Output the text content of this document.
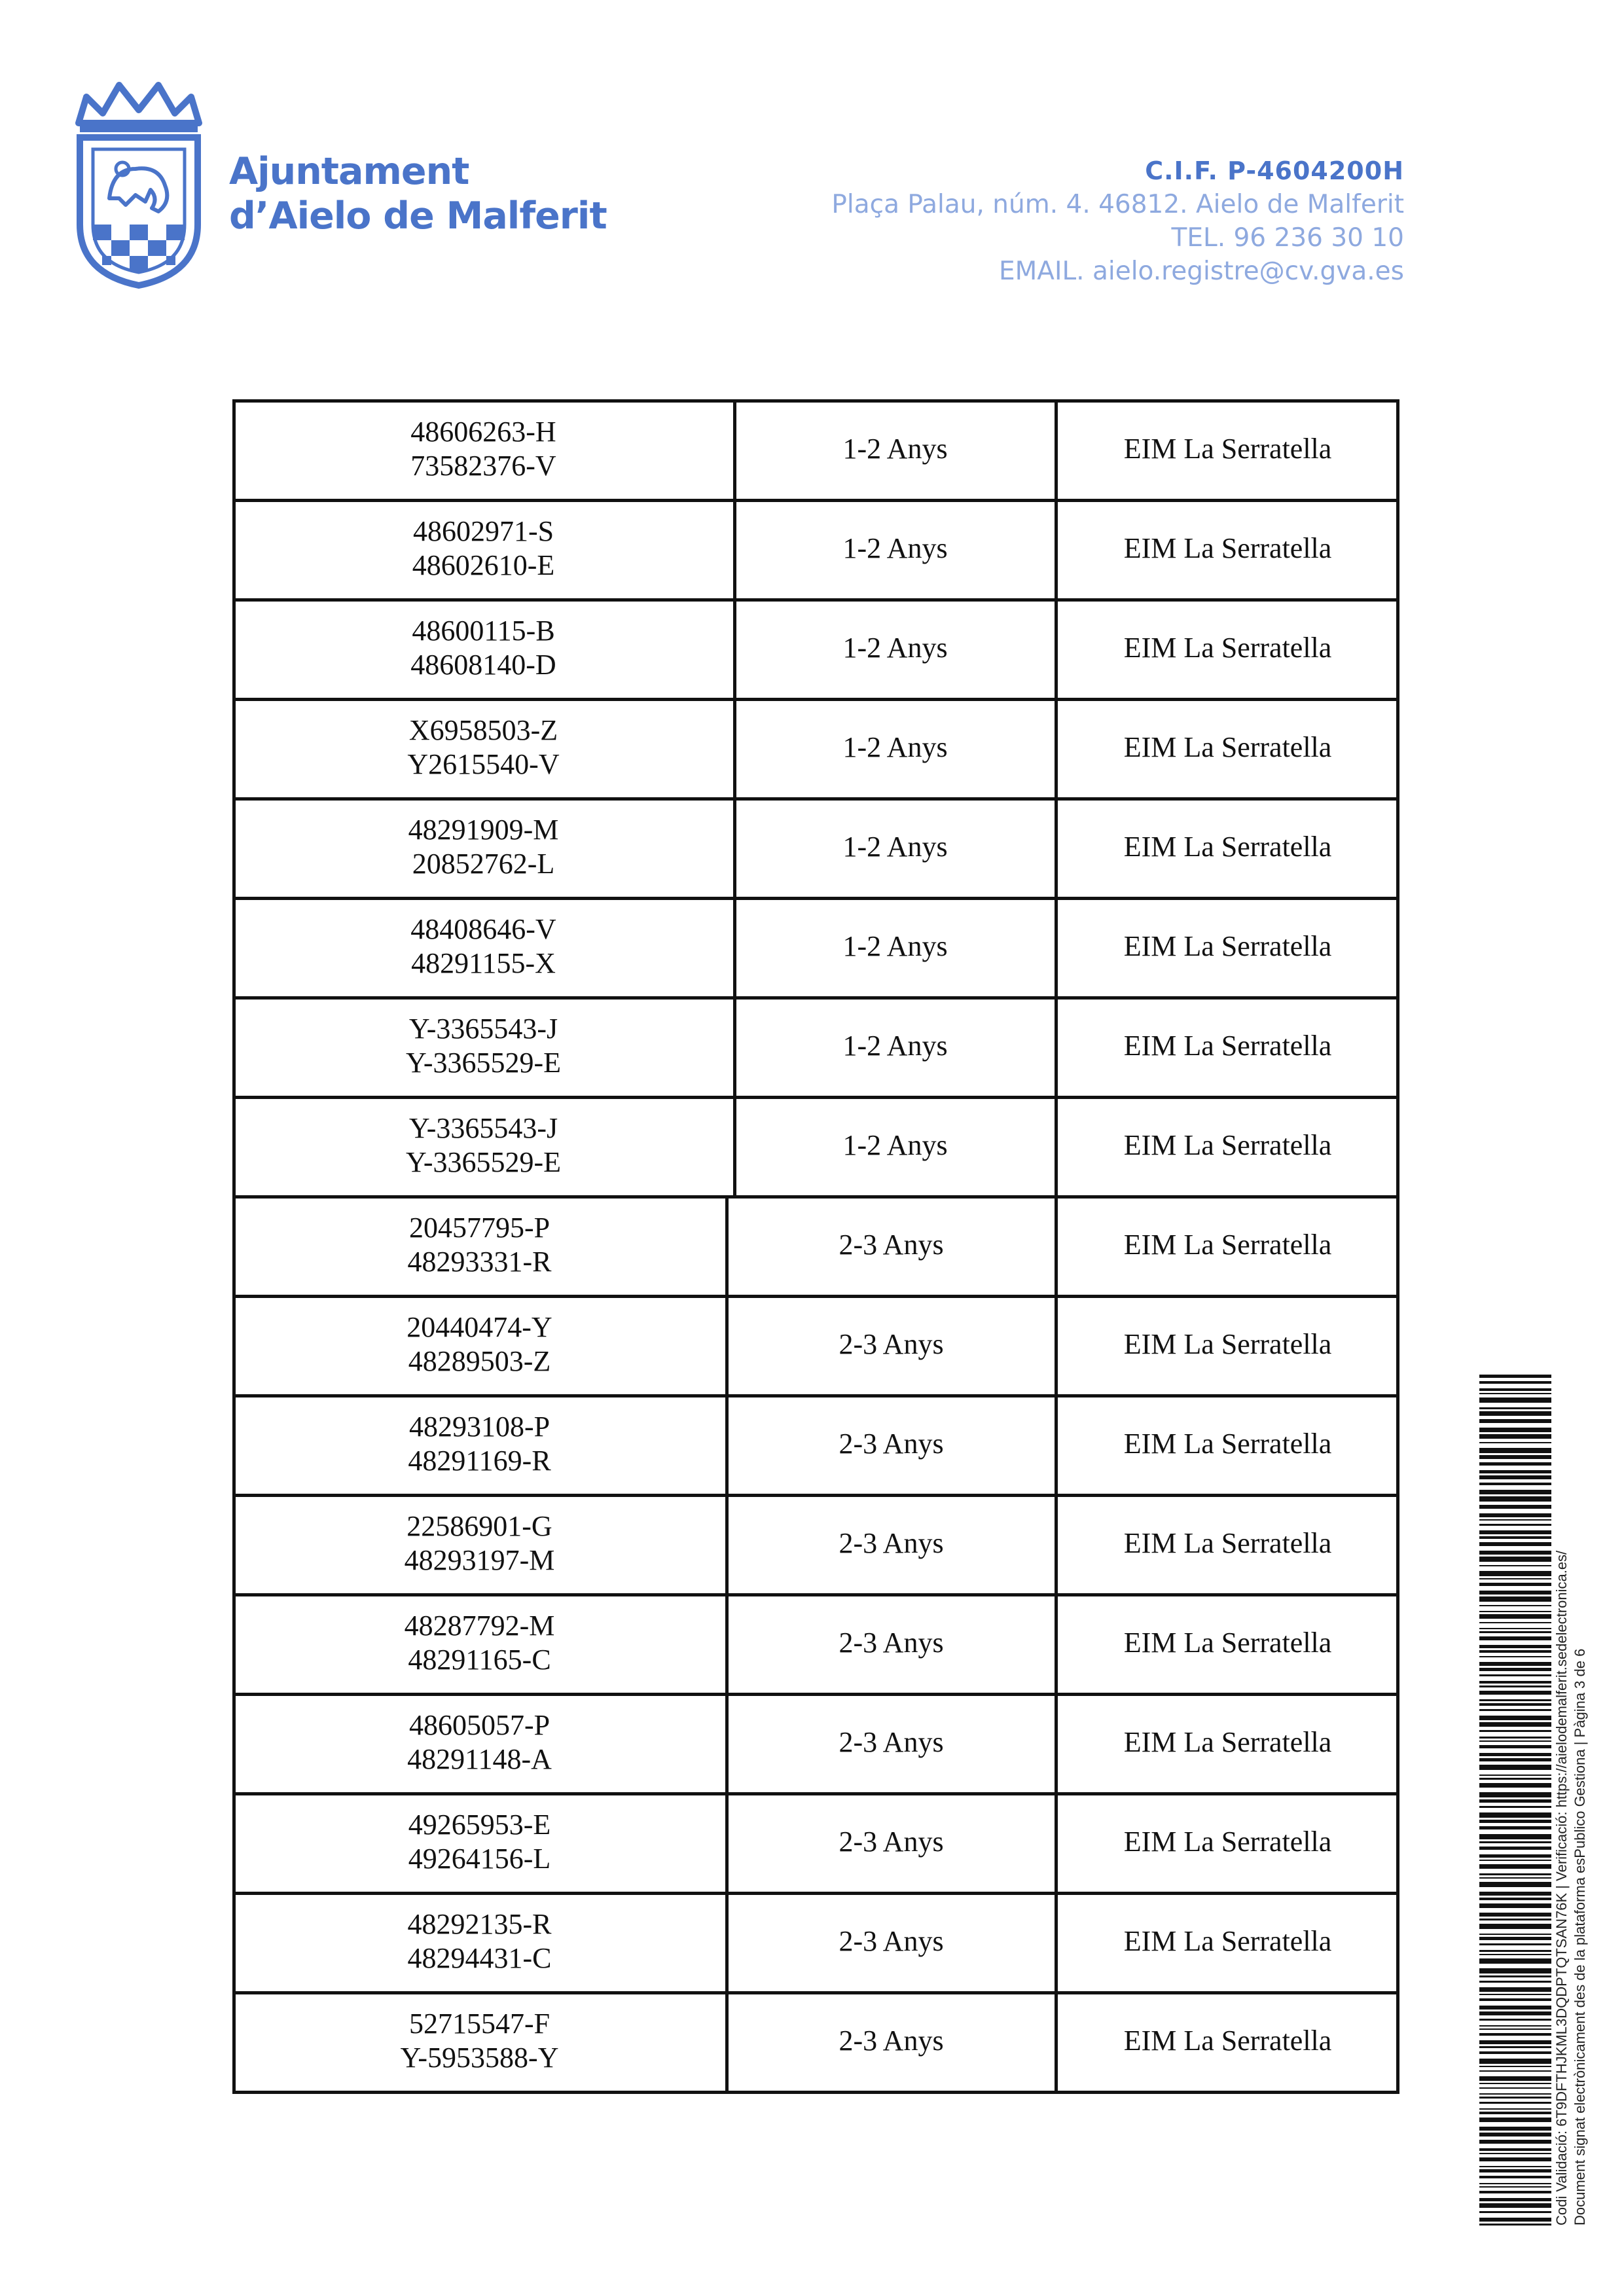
Ajuntament
d’Aielo de Malferit
C.I.F. P-4604200H
Plaça Palau, núm. 4. 46812. Aielo de Malferit
TEL. 96 236 30 10
EMAIL. aielo.registre@cv.gva.es
48606263-H
73582376-V
1-2 Anys	EIM La Serratella
48602971-S
48602610-E
1-2 Anys	EIM La Serratella
48600115-B
48608140-D
1-2 Anys	EIM La Serratella
X6958503-Z
Y2615540-V
1-2 Anys	EIM La Serratella
48291909-M
20852762-L
1-2 Anys	EIM La Serratella
48408646-V
48291155-X
1-2 Anys	EIM La Serratella
Y-3365543-J
Y-3365529-E
1-2 Anys	EIM La Serratella
Y-3365543-J
Y-3365529-E
1-2 Anys	EIM La Serratella
20457795-P
48293331-R
2-3 Anys	EIM La Serratella
20440474-Y
48289503-Z
2-3 Anys	EIM La Serratella
48293108-P
48291169-R
2-3 Anys	EIM La Serratella
22586901-G
48293197-M
2-3 Anys	EIM La Serratella
48287792-M
48291165-C
2-3 Anys	EIM La Serratella
48605057-P
48291148-A
2-3 Anys	EIM La Serratella
49265953-E
49264156-L
2-3 Anys	EIM La Serratella
48292135-R
48294431-C
2-3 Anys	EIM La Serratella
52715547-F
Y-5953588-Y
2-3 Anys	EIM La Serratella	Codi Validació: 6T9DFTHJKML3DQDPTQTSAN76K | Verificació: https://aielodemalferit.sedelectronica.es/ Document signat electrònicament des de la plataforma esPublico Gestiona | Pàgina 3 de 6
